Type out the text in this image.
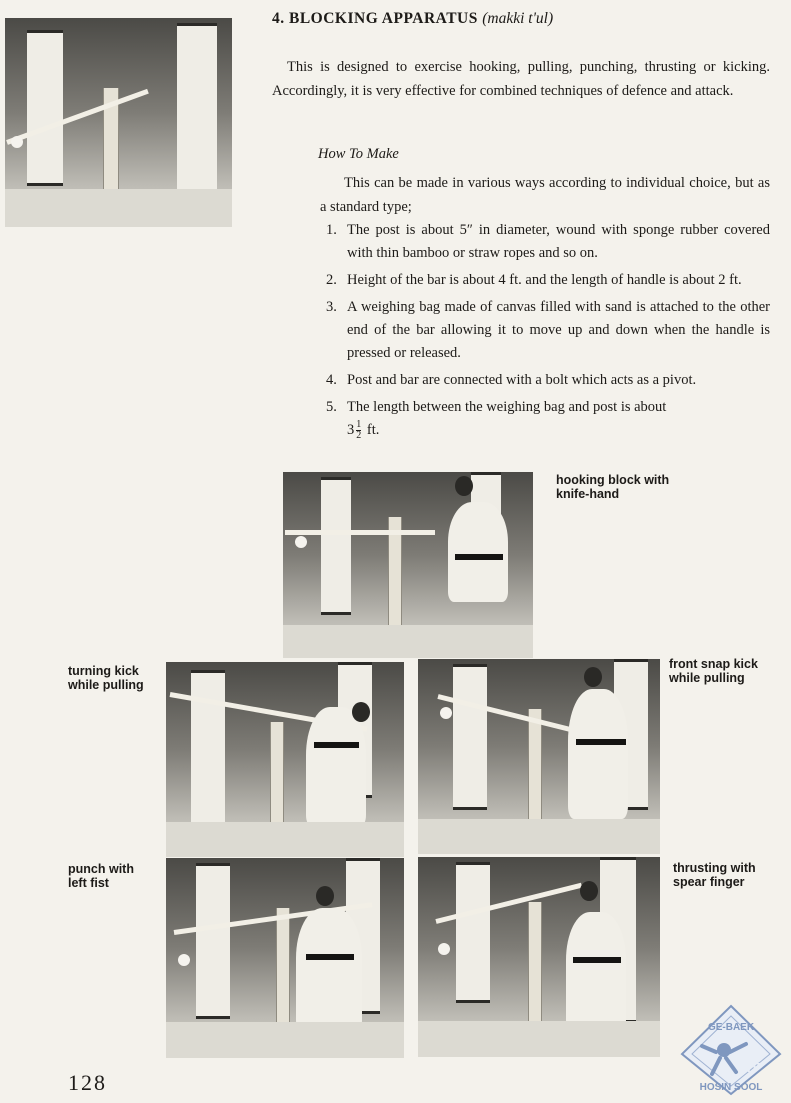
4. BLOCKING APPARATUS (makki t'ul)

This is designed to exercise hooking, pulling, punching, thrusting or kicking. Accordingly, it is very effective for combined techniques of defence and attack.

How To Make

This can be made in various ways according to individual choice, but as a standard type;

1. The post is about 5″ in diameter, wound with sponge rubber covered with thin bamboo or straw ropes and so on.
2. Height of the bar is about 4 ft. and the length of handle is about 2 ft.
3. A weighing bag made of canvas filled with sand is attached to the other end of the bar allowing it to move up and down when the handle is pressed or released.
4. Post and bar are connected with a bolt which acts as a pivot.
5. The length between the weighing bag and post is about
$3 \frac{1}{2}$ ft.
hooking block with
knife-hand
turning kick
while pulling
front snap kick
while pulling
punch with
left fist
thrusting with
spear finger
128
GE-BAEK
ITF
HOSIN SOOL
